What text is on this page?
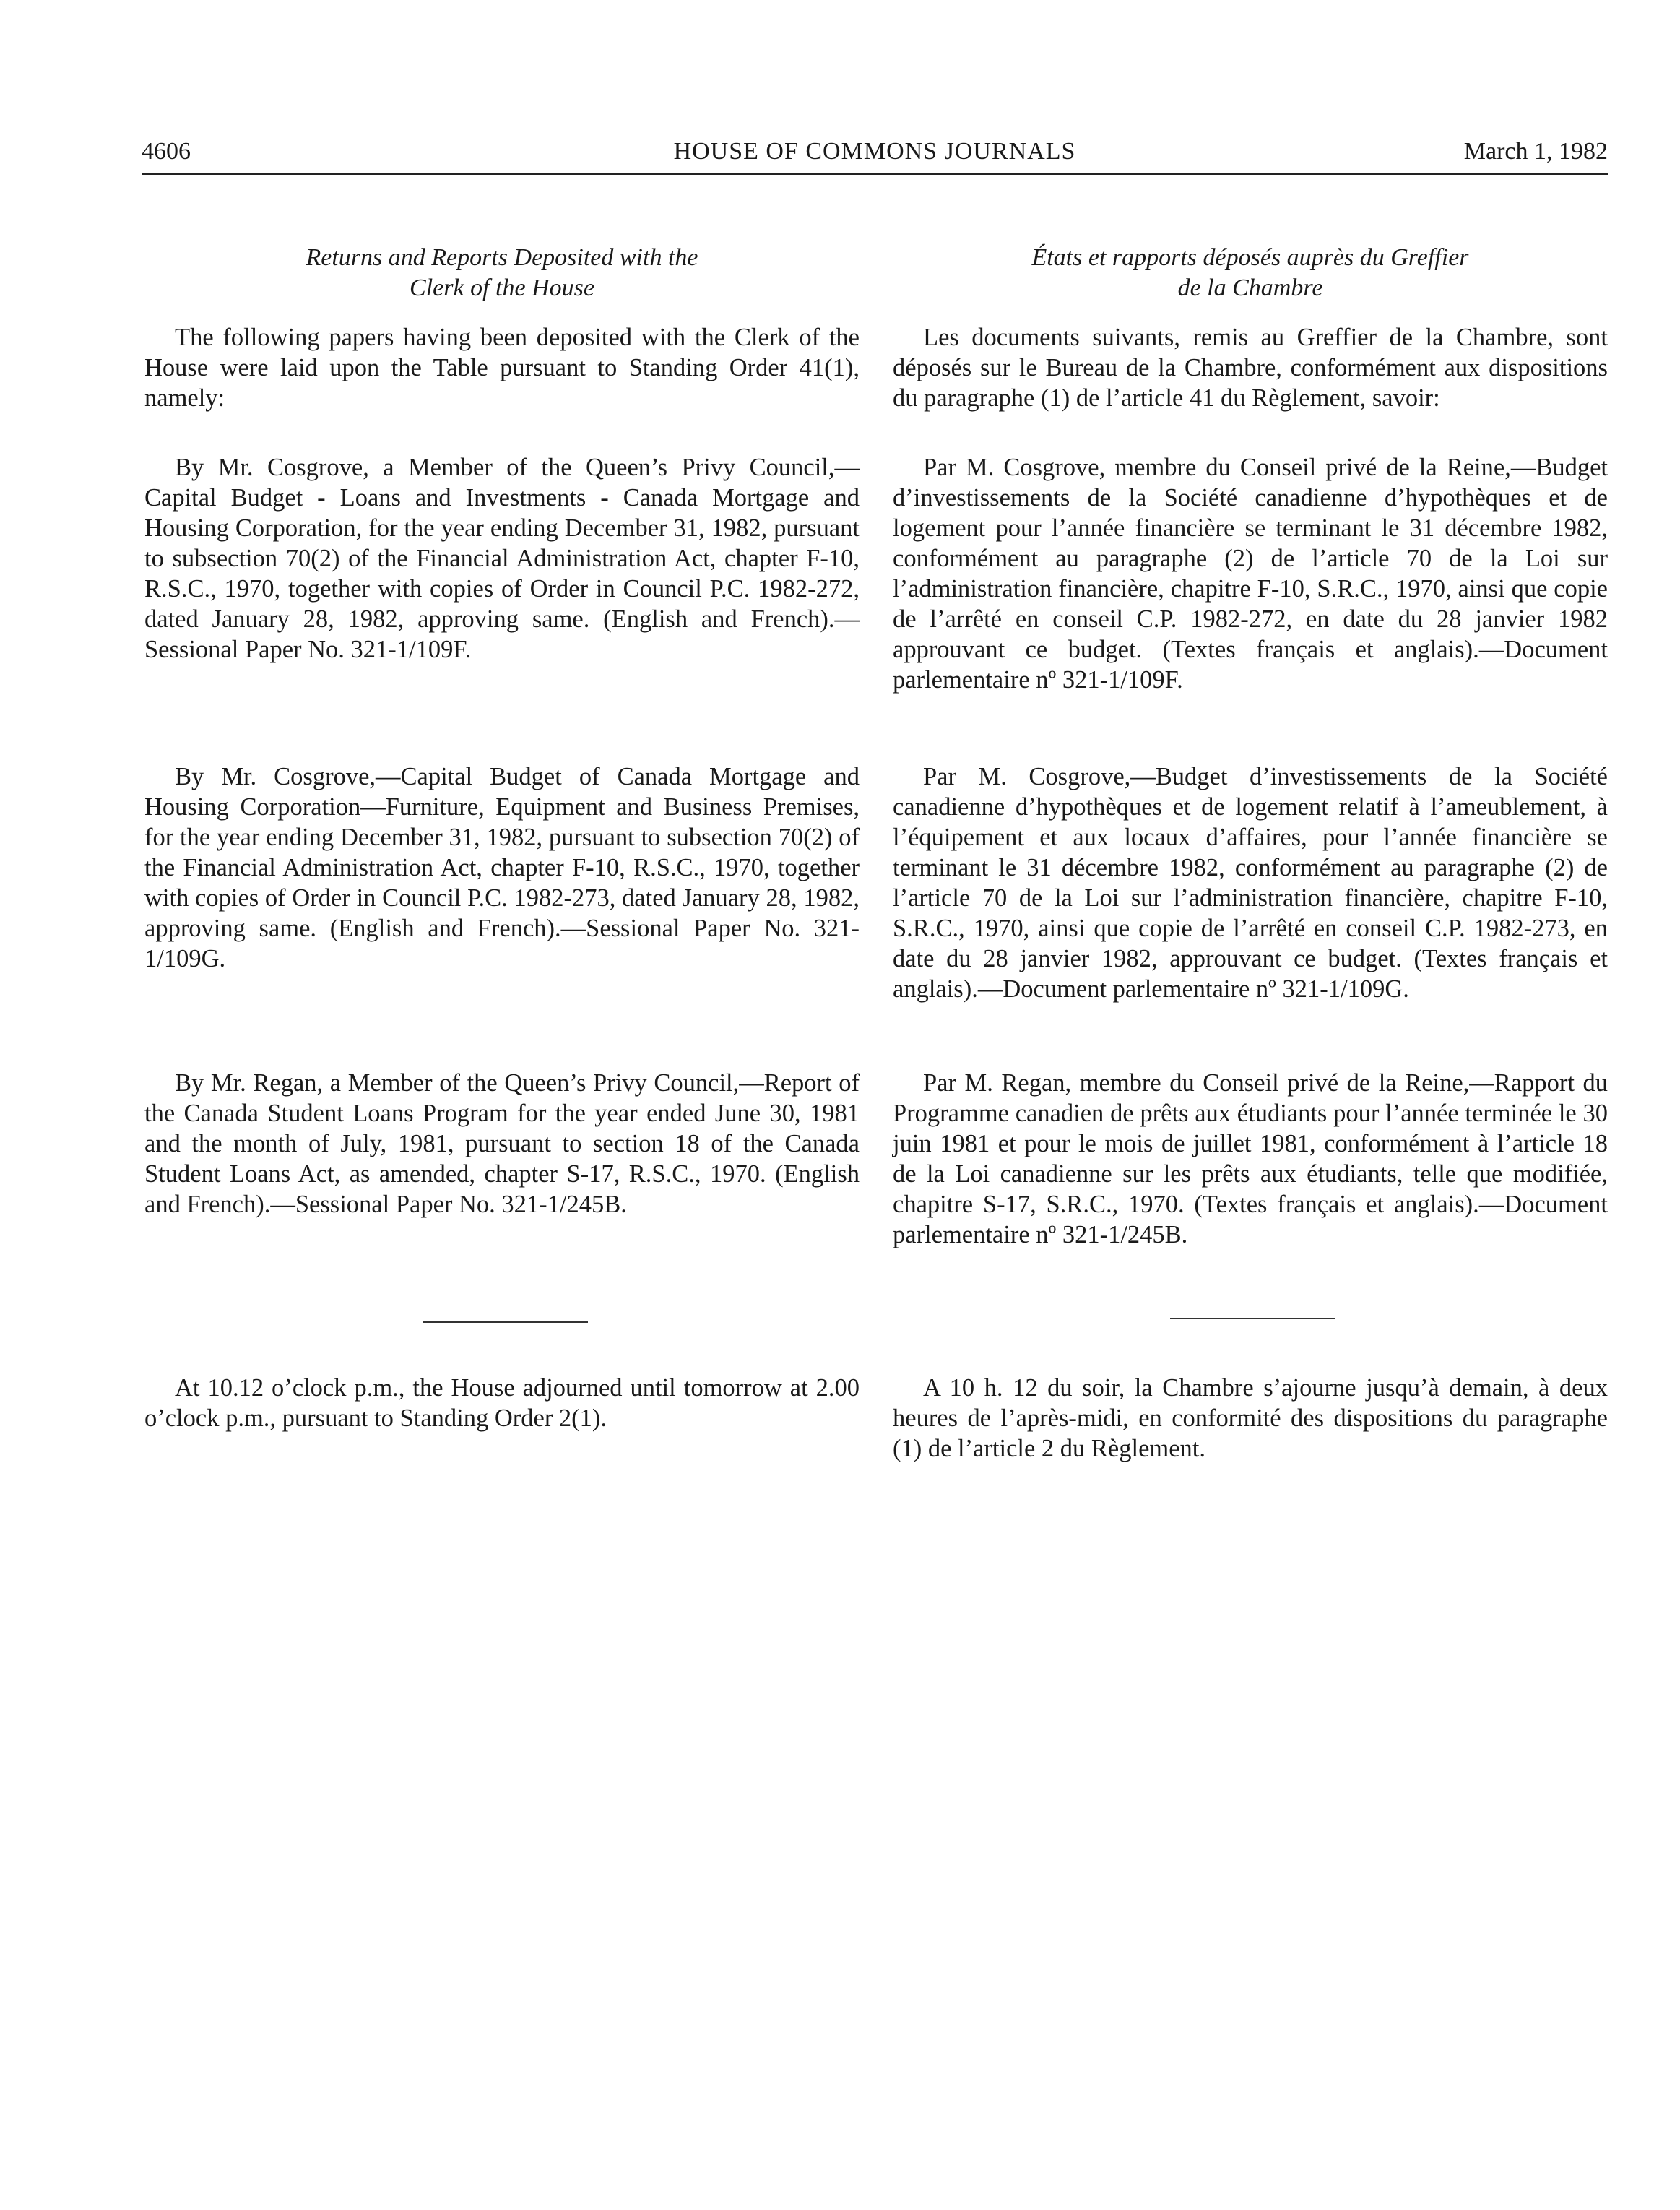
4606	HOUSE OF COMMONS JOURNALS	March 1, 1982
Returns and Reports Deposited with the
Clerk of the House

The following papers having been deposited with the Clerk of the House were laid upon the Table pursuant to Standing Order 41(1), namely:

By Mr. Cosgrove, a Member of the Queen’s Privy Council,—Capital Budget - Loans and Investments - Canada Mortgage and Housing Corporation, for the year ending December 31, 1982, pursuant to subsection 70(2) of the Financial Administration Act, chapter F-10, R.S.C., 1970, together with copies of Order in Council P.C. 1982-272, dated January 28, 1982, approving same. (English and French).—Sessional Paper No. 321-1/109F.

By Mr. Cosgrove,—Capital Budget of Canada Mortgage and Housing Corporation—Furniture, Equipment and Business Premises, for the year ending December 31, 1982, pursuant to subsection 70(2) of the Financial Administration Act, chapter F-10, R.S.C., 1970, together with copies of Order in Council P.C. 1982-273, dated January 28, 1982, approving same. (English and French).—Sessional Paper No. 321-1/109G.

By Mr. Regan, a Member of the Queen’s Privy Council,—Report of the Canada Student Loans Program for the year ended June 30, 1981 and the month of July, 1981, pursuant to section 18 of the Canada Student Loans Act, as amended, chapter S-17, R.S.C., 1970. (English and French).—Sessional Paper No. 321-1/245B.

At 10.12 o’clock p.m., the House adjourned until tomorrow at 2.00 o’clock p.m., pursuant to Standing Order 2(1).

États et rapports déposés auprès du Greffier
de la Chambre

Les documents suivants, remis au Greffier de la Chambre, sont déposés sur le Bureau de la Chambre, conformément aux dispositions du paragraphe (1) de l’article 41 du Règlement, savoir:

Par M. Cosgrove, membre du Conseil privé de la Reine,—Budget d’investissements de la Société canadienne d’hypothèques et de logement pour l’année financière se terminant le 31 décembre 1982, conformément au paragraphe (2) de l’article 70 de la Loi sur l’administration financière, chapitre F-10, S.R.C., 1970, ainsi que copie de l’arrêté en conseil C.P. 1982-272, en date du 28 janvier 1982 approuvant ce budget. (Textes français et anglais).—Document parlementaire nº 321-1/109F.

Par M. Cosgrove,—Budget d’investissements de la Société canadienne d’hypothèques et de logement relatif à l’ameublement, à l’équipement et aux locaux d’affaires, pour l’année financière se terminant le 31 décembre 1982, conformément au paragraphe (2) de l’article 70 de la Loi sur l’administration financière, chapitre F-10, S.R.C., 1970, ainsi que copie de l’arrêté en conseil C.P. 1982-273, en date du 28 janvier 1982, approuvant ce budget. (Textes français et anglais).—Document parlementaire nº 321-1/109G.

Par M. Regan, membre du Conseil privé de la Reine,—Rapport du Programme canadien de prêts aux étudiants pour l’année terminée le 30 juin 1981 et pour le mois de juillet 1981, conformément à l’article 18 de la Loi canadienne sur les prêts aux étudiants, telle que modifiée, chapitre S-17, S.R.C., 1970. (Textes français et anglais).—Document parlementaire nº 321-1/245B.

A 10 h. 12 du soir, la Chambre s’ajourne jusqu’à demain, à deux heures de l’après-midi, en conformité des dispositions du paragraphe (1) de l’article 2 du Règlement.
